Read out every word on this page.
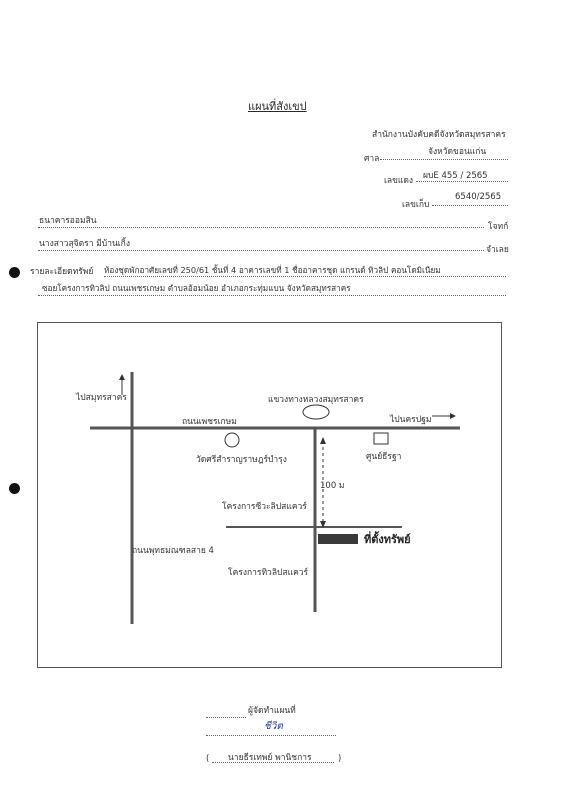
แผนที่สังเขป
สำนักงานบังคับคดีจังหวัดสมุทรสาคร
ศาล
จังหวัดขอนแก่น
เลขแดง ผบE 455 / 2565
เลขเก็บ
6540/2565
ธนาคารออมสิน
โจทก์
นางสาวสุจิตรา มีบ้านเกิ้ง
จำเลย
รายละเอียดทรัพย์ ห้องชุดพักอาศัยเลขที่ 250/61 ชั้นที่ 4 อาคารเลขที่ 1 ชื่ออาคารชุด แกรนด์ ทิวลิป คอนโดมิเนียม
ซอยโครงการทิวลิป ถนนเพชรเกษม ตำบลอ้อมน้อย อำเภอกระทุ่มแบน จังหวัดสมุทรสาคร
ไปสมุทรสาคร	แขวงทางหลวงสมุทรสาคร
ถนนเพชรเกษม	ไปนครปฐม
วัดศรีสำราญราษฎร์บำรุง	ศูนย์ธีรฐา
100 ม
โครงการซีวะลิปสแควร์
ที่ตั้งทรัพย์
ถนนพุทธมณฑลสาย 4
โครงการทิวลิปสแควร์
ผู้จัดทำแผนที่
ชีวิต
( นายธีรเทพย์ พานิชการ	)
